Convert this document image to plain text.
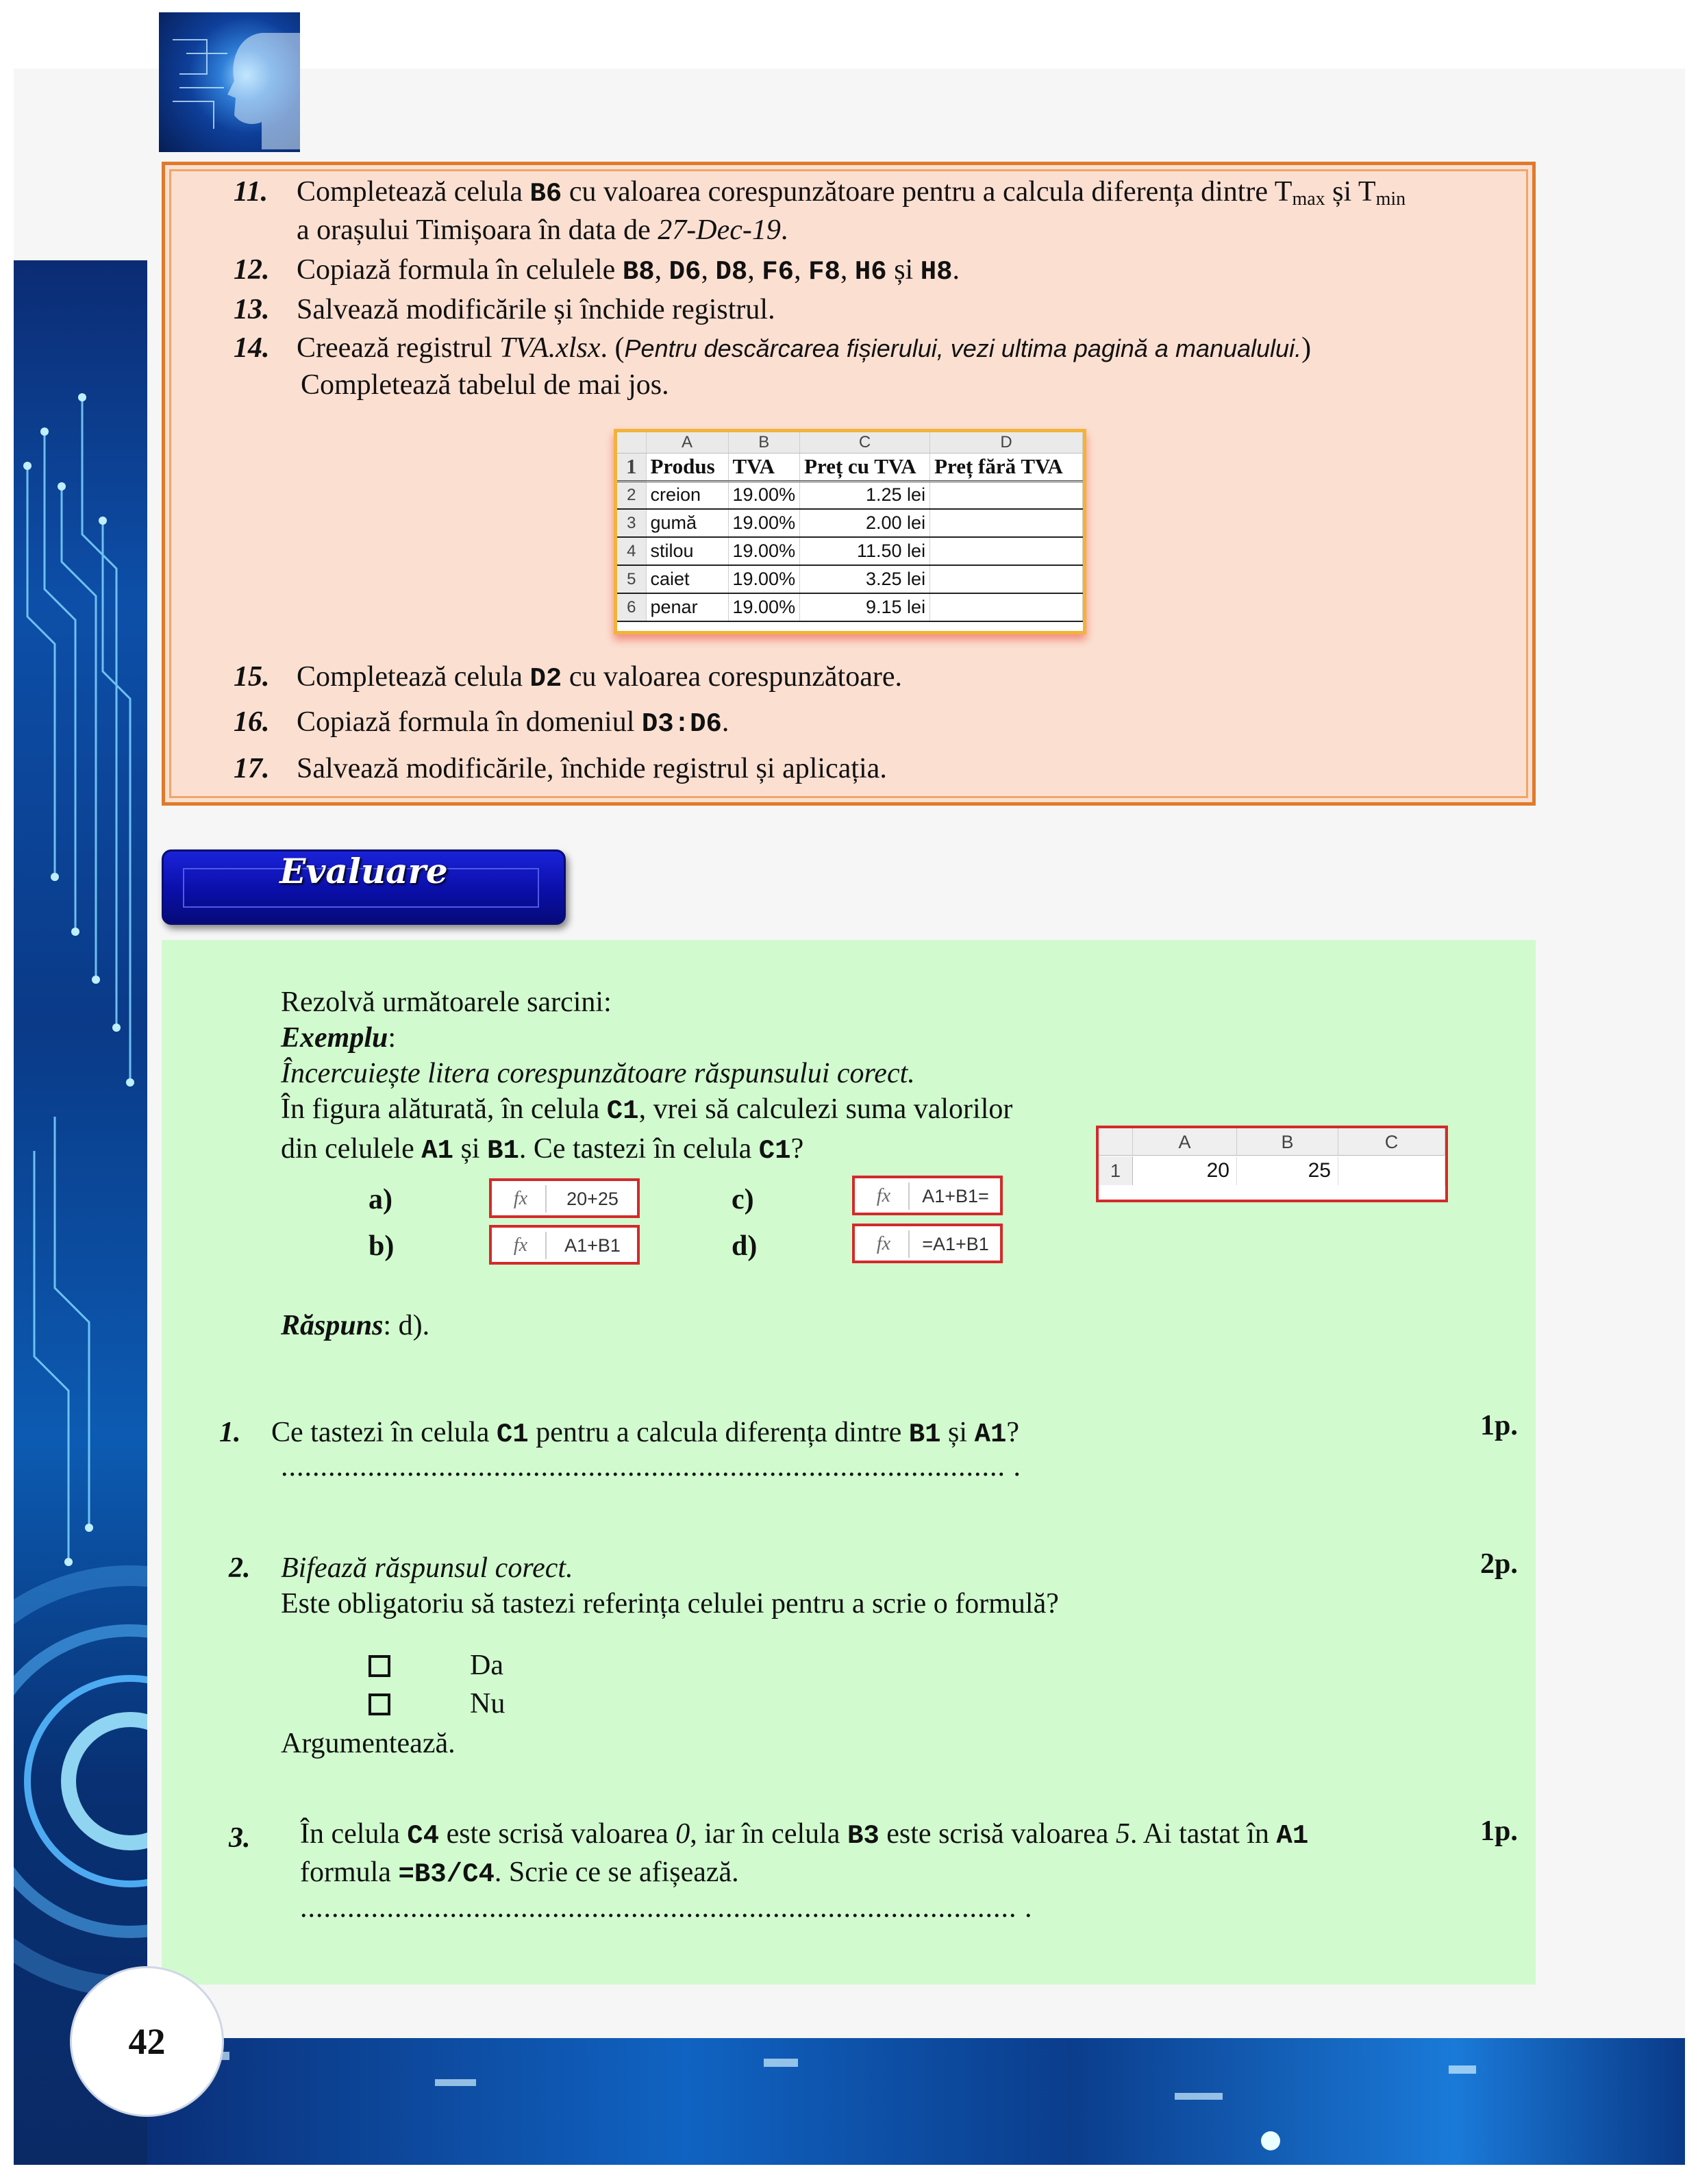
11. Completează celula B6 cu valoarea corespunzătoare pentru a calcula diferența dintre $T_{max}$ și $T_{min}$
a orașului Timișoara în data de 27-Dec-19.
12. Copiază formula în celulele B8, D6, D8, F6, F8, H6 și H8.
13. Salvează modificările și închide registrul.
14. Creează registrul TVA.xlsx. (Pentru descărcarea fișierului, vezi ultima pagină a manualului.)
Completează tabelul de mai jos.
	A	B	C	D
1	Produs	TVA	Preț cu TVA	Preț fără TVA
2	creion	19.00%	1.25 lei	
3	gumă	19.00%	2.00 lei	
4	stilou	19.00%	11.50 lei	
5	caiet	19.00%	3.25 lei	
6	penar	19.00%	9.15 lei	
15. Completează celula D2 cu valoarea corespunzătoare.
16. Copiază formula în domeniul D3:D6.
17. Salvează modificările, închide registrul și aplicația.
Evaluare
Rezolvă următoarele sarcini:
Exemplu:
Încercuiește litera corespunzătoare răspunsului corect.
În figura alăturată, în celula C1, vrei să calculezi suma valorilor
din celulele A1 și B1. Ce tastezi în celula C1?
a)	fx	20+25
b)	fx	A1+B1
c)	fx	A1+B1=
d)	fx	=A1+B1
Răspuns: d).
1. Ce tastezi în celula C1 pentru a calcula diferența dintre B1 și A1?
............................................................................................ .
1p.
2. Bifează răspunsul corect.
Este obligatoriu să tastezi referința celulei pentru a scrie o formulă?
Da
Nu
Argumentează.
2p.
3. În celula C4 este scrisă valoarea 0, iar în celula B3 este scrisă valoarea 5. Ai tastat în A1
formula =B3/C4. Scrie ce se afișează.
........................................................................................... .
1p.
A	B	C
1	20	25
42
